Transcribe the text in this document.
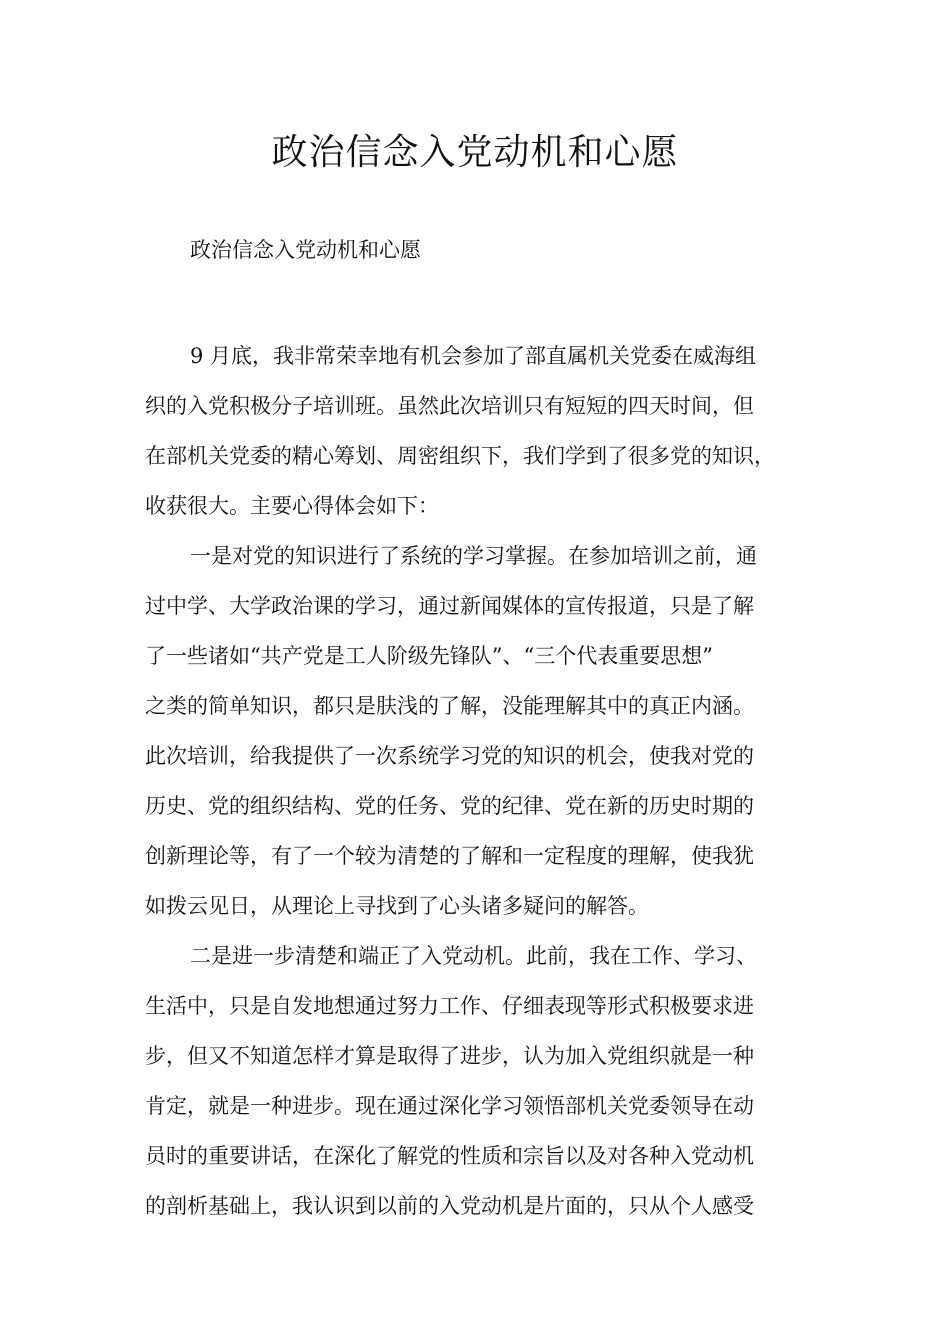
政治信念入党动机和心愿

政治信念入党动机和心愿

9 月底，我非常荣幸地有机会参加了部直属机关党委在威海组

织的入党积极分子培训班。虽然此次培训只有短短的四天时间，但

在部机关党委的精心筹划、周密组织下，我们学到了很多党的知识，

收获很大。主要心得体会如下：

一是对党的知识进行了系统的学习掌握。在参加培训之前，通

过中学、大学政治课的学习，通过新闻媒体的宣传报道，只是了解

了一些诸如“共产党是工人阶级先锋队”、“三个代表重要思想”

之类的简单知识，都只是肤浅的了解，没能理解其中的真正内涵。

此次培训，给我提供了一次系统学习党的知识的机会，使我对党的

历史、党的组织结构、党的任务、党的纪律、党在新的历史时期的

创新理论等，有了一个较为清楚的了解和一定程度的理解，使我犹

如拨云见日，从理论上寻找到了心头诸多疑问的解答。

二是进一步清楚和端正了入党动机。此前，我在工作、学习、

生活中，只是自发地想通过努力工作、仔细表现等形式积极要求进

步，但又不知道怎样才算是取得了进步，认为加入党组织就是一种

肯定，就是一种进步。现在通过深化学习领悟部机关党委领导在动

员时的重要讲话，在深化了解党的性质和宗旨以及对各种入党动机

的剖析基础上，我认识到以前的入党动机是片面的，只从个人感受
